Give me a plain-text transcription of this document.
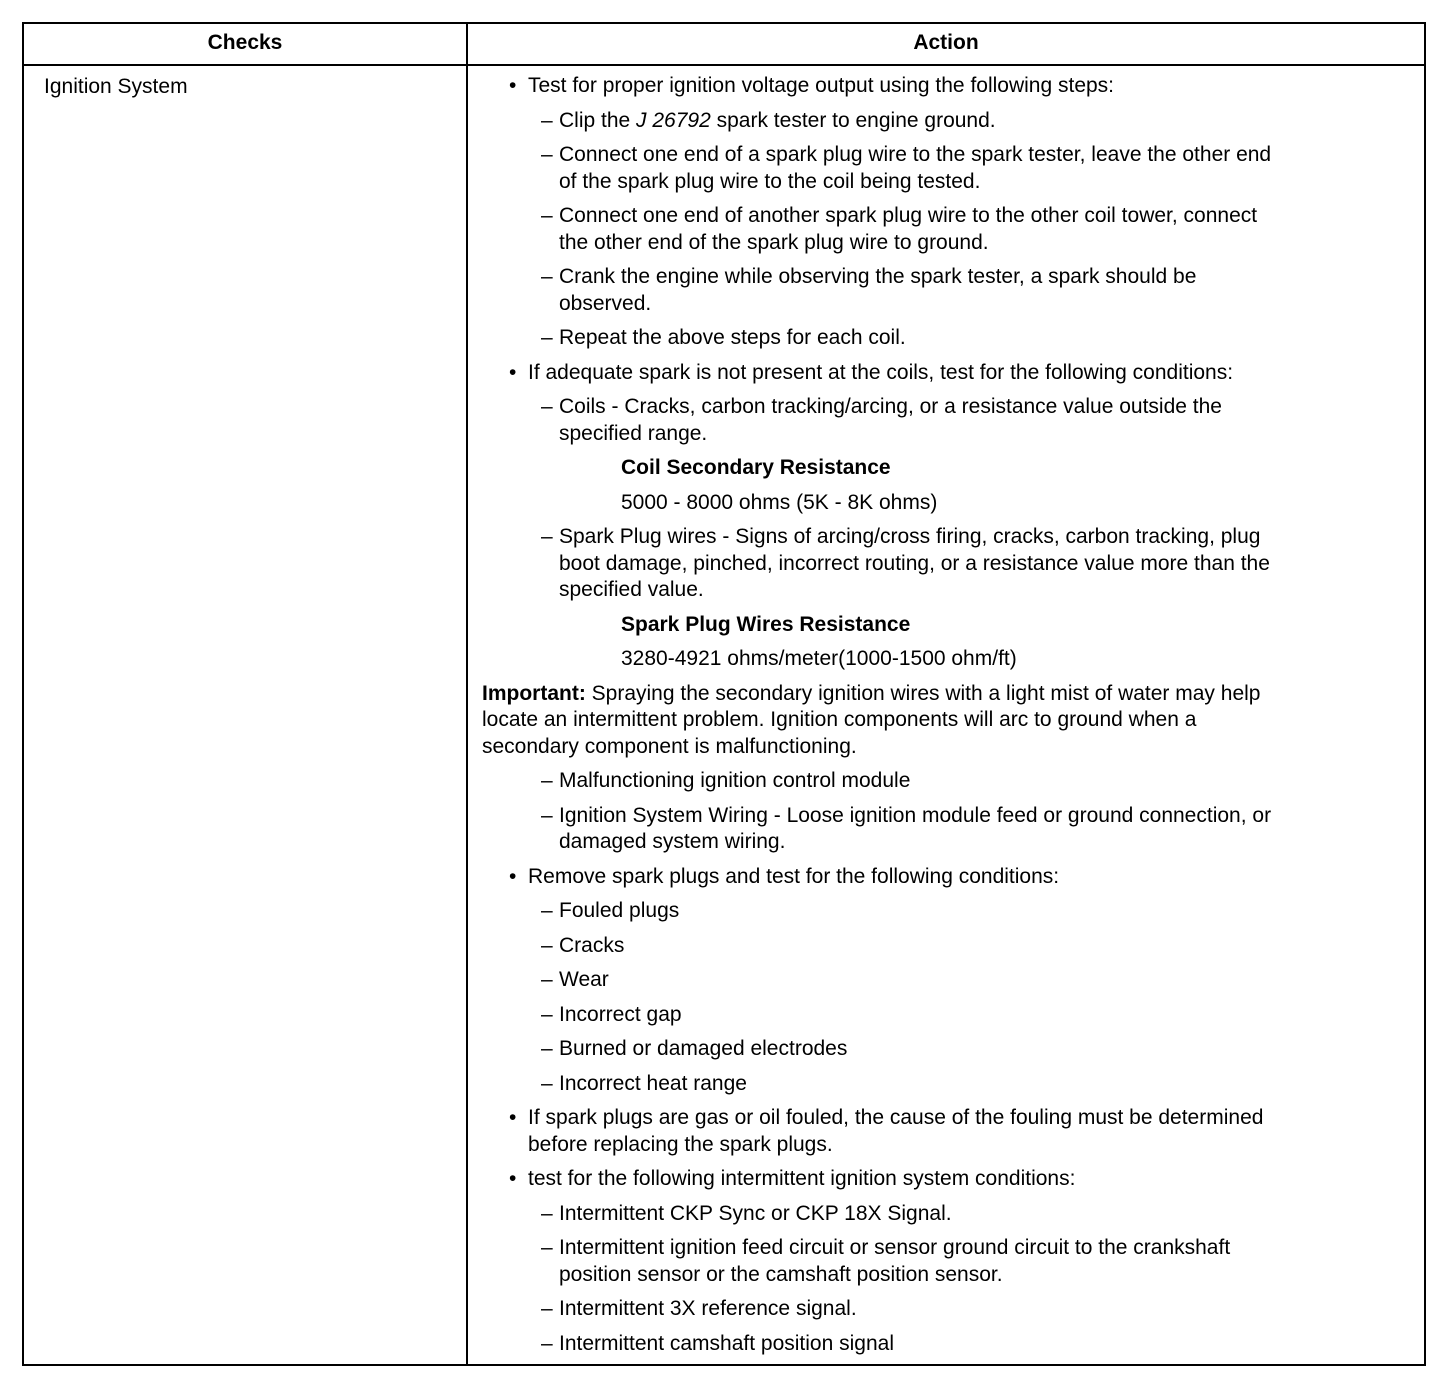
Checks	Action
Ignition System	• Test for proper ignition voltage output using the following steps:
– Clip the J 26792 spark tester to engine ground.
– Connect one end of a spark plug wire to the spark tester, leave the other end
of the spark plug wire to the coil being tested.
– Connect one end of another spark plug wire to the other coil tower, connect
the other end of the spark plug wire to ground.
– Crank the engine while observing the spark tester, a spark should be
observed.
– Repeat the above steps for each coil.
• If adequate spark is not present at the coils, test for the following conditions:
– Coils - Cracks, carbon tracking/arcing, or a resistance value outside the
specified range.
Coil Secondary Resistance
5000 - 8000 ohms (5K - 8K ohms)
– Spark Plug wires - Signs of arcing/cross firing, cracks, carbon tracking, plug
boot damage, pinched, incorrect routing, or a resistance value more than the
specified value.
Spark Plug Wires Resistance
3280-4921 ohms/meter(1000-1500 ohm/ft)
Important: Spraying the secondary ignition wires with a light mist of water may help
locate an intermittent problem. Ignition components will arc to ground when a
secondary component is malfunctioning.
– Malfunctioning ignition control module
– Ignition System Wiring - Loose ignition module feed or ground connection, or
damaged system wiring.
• Remove spark plugs and test for the following conditions:
– Fouled plugs
– Cracks
– Wear
– Incorrect gap
– Burned or damaged electrodes
– Incorrect heat range
• If spark plugs are gas or oil fouled, the cause of the fouling must be determined
before replacing the spark plugs.
• test for the following intermittent ignition system conditions:
– Intermittent CKP Sync or CKP 18X Signal.
– Intermittent ignition feed circuit or sensor ground circuit to the crankshaft
position sensor or the camshaft position sensor.
– Intermittent 3X reference signal.
– Intermittent camshaft position signal
